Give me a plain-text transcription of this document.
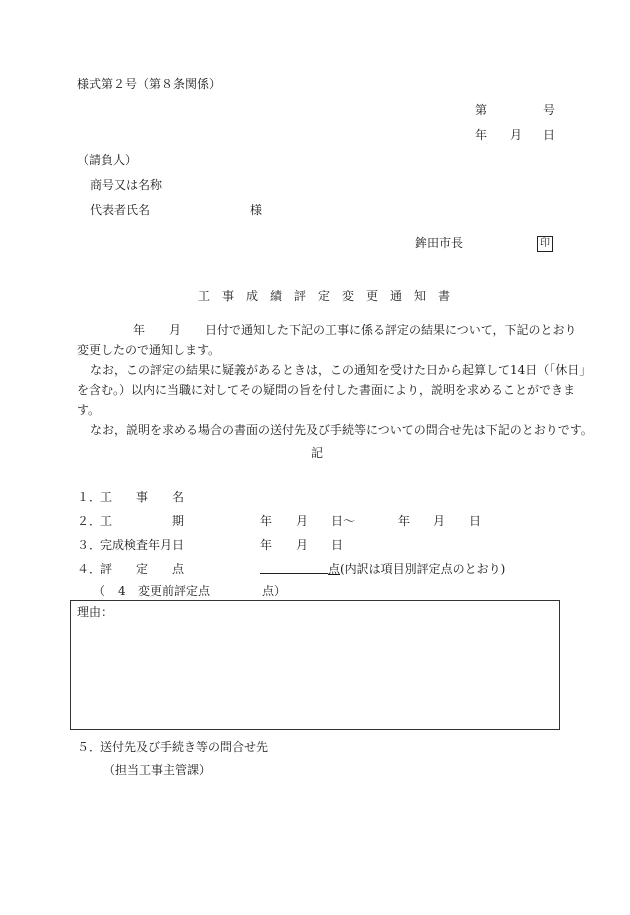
様式第２号（第８条関係）
第	号
年 月 日
（請負人）
商号又は名称
代表者氏名	様
鉾田市長	印
工　事　成　績　評　定　変　更　通　知　書
年 月 日付で通知した下記の工事に係る評定の結果について，下記のとおり
変更したので通知します。
なお，この評定の結果に疑義があるときは，この通知を受けた日から起算して14日（「休日」
を含む。）以内に当職に対してその疑問の旨を付した書面により，説明を求めることができま
す。
なお，説明を求める場合の書面の送付先及び手続等についての問合せ先は下記のとおりです。
記
１．
工　　事　　名
２．
工　　　　　期	年 月 日～	年 月 日
３．
完成検査年月日	年 月 日
４．
評　　定　　点	点 (内訳は項目別評定点のとおり)
（ 4 変更前評定点	点）
理由：
５．
送付先及び手続き等の問合せ先
（担当工事主管課）
